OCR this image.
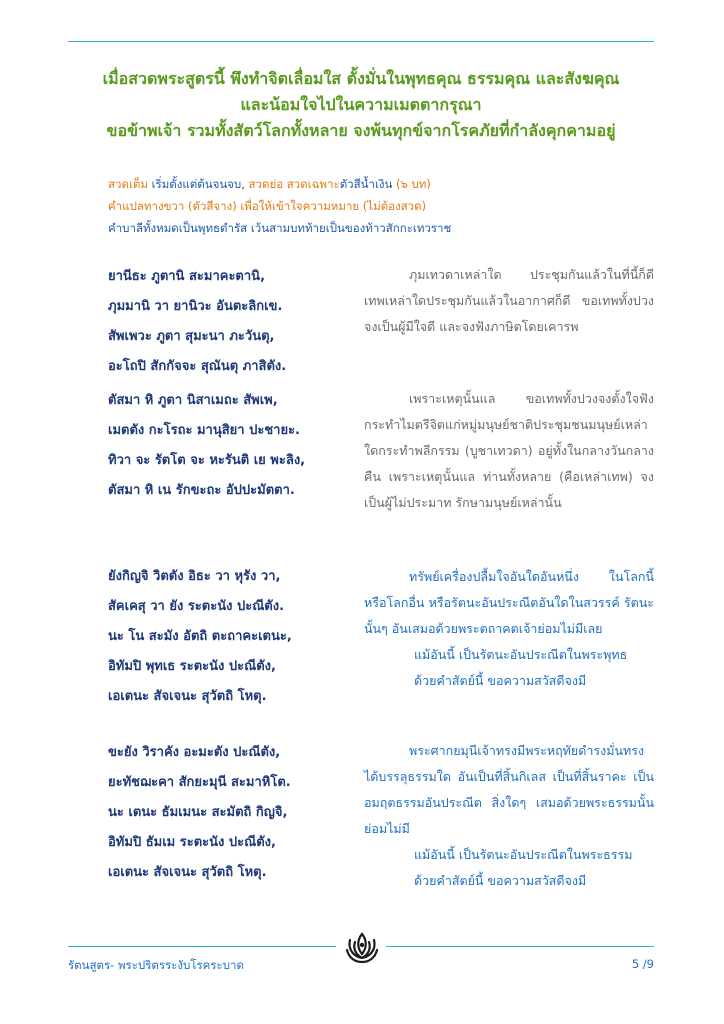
เมื่อสวดพระสูตรนี้ พึงทำจิตเลื่อมใส ตั้งมั่นในพุทธคุณ ธรรมคุณ และสังฆคุณ
และน้อมใจไปในความเมตตากรุณา
ขอข้าพเจ้า รวมทั้งสัตว์โลกทั้งหลาย จงพ้นทุกข์จากโรคภัยที่กำลังคุกคามอยู่
สวดเต็ม เริ่มตั้งแต่ต้นจนจบ, สวดย่อ สวดเฉพาะตัวสีน้ำเงิน (๖ บท)
คำแปลทางขวา (ตัวสีจาง) เพื่อให้เข้าใจความหมาย (ไม่ต้องสวด)
คำบาลีทั้งหมดเป็นพุทธดำรัส เว้นสามบทท้ายเป็นของท้าวสักกะเทวราช
ยานีธะ ภูตานิ สะมาคะตานิ,
ภุมมานิ วา ยานิวะ อันตะลิกเข.
สัพเพวะ ภูตา สุมะนา ภะวันตุ,
อะโถปิ สักกัจจะ สุณันตุ ภาสิตัง.

ภุมเทวดาเหล่าใด ประชุมกันแล้วในที่นี้ก็ดี เทพเหล่าใดประชุมกันแล้วในอากาศก็ดี ขอเทพทั้งปวง จงเป็นผู้มีใจดี และจงฟังภาษิตโดยเคารพ

ตัสมา หิ ภูตา นิสาเมถะ สัพเพ,
เมตตัง กะโรถะ มานุสิยา ปะชายะ.
ทิวา จะ รัตโต จะ หะรันติ เย พะลิง,
ตัสมา หิ เน รักขะถะ อัปปะมัตตา.

เพราะเหตุนั้นแล ขอเทพทั้งปวงจงตั้งใจฟัง กระทำไมตรีจิตแก่หมู่มนุษย์ชาติประชุมชนมนุษย์เหล่าใดกระทำพลีกรรม (บูชาเทวดา) อยู่ทั้งในกลางวันกลางคืน เพราะเหตุนั้นแล ท่านทั้งหลาย (คือเหล่าเทพ) จงเป็นผู้ไม่ประมาท รักษามนุษย์เหล่านั้น

ยังกิญจิ วิตตัง อิธะ วา หุรัง วา,
สัคเคสุ วา ยัง ระตะนัง ปะณีตัง.
นะ โน สะมัง อัตถิ ตะถาคะเตนะ,
อิทัมปิ พุทเธ ระตะนัง ปะณีตัง,
เอเตนะ สัจเจนะ สุวัตถิ โหตุ.

ทรัพย์เครื่องปลื้มใจอันใดอันหนึ่ง ในโลกนี้ หรือโลกอื่น หรือรัตนะอันประณีตอันใดในสวรรค์ รัตนะนั้นๆ อันเสมอด้วยพระตถาคตเจ้าย่อมไม่มีเลย

แม้อันนี้ เป็นรัตนะอันประณีตในพระพุทธ

ด้วยคำสัตย์นี้ ขอความสวัสดีจงมี

ขะยัง วิราคัง อะมะตัง ปะณีตัง,
ยะทัชฌะคา สักยะมุนี สะมาหิโต.
นะ เตนะ ธัมเมนะ สะมัตถิ กิญจิ,
อิทัมปิ ธัมเม ระตะนัง ปะณีตัง,
เอเตนะ สัจเจนะ สุวัตถิ โหตุ.

พระศากยมุนีเจ้าทรงมีพระหฤทัยดำรงมั่นทรงได้บรรลุธรรมใด อันเป็นที่สิ้นกิเลส เป็นที่สิ้นราคะ เป็นอมฤตธรรมอันประณีต สิ่งใดๆ เสมอด้วยพระธรรมนั้นย่อมไม่มี

แม้อันนี้ เป็นรัตนะอันประณีตในพระธรรม

ด้วยคำสัตย์นี้ ขอความสวัสดีจงมี

รัตนสูตร- พระปริตรระงับโรคระบาด	5 /9
